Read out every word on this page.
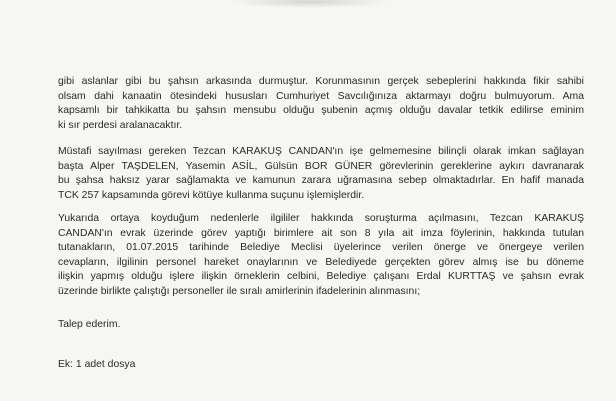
gibi aslanlar gibi bu şahsın arkasında durmuştur. Korunmasının gerçek sebeplerini hakkında fikir sahibi
olsam dahi kanaatin ötesindeki hususları Cumhuriyet Savcılığınıza aktarmayı doğru bulmuyorum. Ama
kapsamlı bir tahkikatta bu şahsın mensubu olduğu şubenin açmış olduğu davalar tetkik edilirse eminim
ki sır perdesi aralanacaktır.

Müstafi sayılması gereken Tezcan KARAKUŞ CANDAN'ın işe gelmemesine bilinçli olarak imkan sağlayan
başta Alper TAŞDELEN, Yasemin ASİL, Gülsün BOR GÜNER görevlerinin gereklerine aykırı davranarak
bu şahsa haksız yarar sağlamakta ve kamunun zarara uğramasına sebep olmaktadırlar. En hafif manada
TCK 257 kapsamında görevi kötüye kullanma suçunu işlemişlerdir.

Yukarıda ortaya koyduğum nedenlerle ilgililer hakkında soruşturma açılmasını, Tezcan KARAKUŞ
CANDAN'ın evrak üzerinde görev yaptığı birimlere ait son 8 yıla ait imza föylerinin, hakkında tutulan
tutanakların, 01.07.2015 tarihinde Belediye Meclisi üyelerince verilen önerge ve önergeye verilen
cevapların, ilgilinin personel hareket onaylarının ve Belediyede gerçekten görev almış ise bu döneme
ilişkin yapmış olduğu işlere ilişkin örneklerin celbini, Belediye çalışanı Erdal KURTTAŞ ve şahsın evrak
üzerinde birlikte çalıştığı personeller ile sıralı amirlerinin ifadelerinin alınmasını;

Talep ederim.

Ek: 1 adet dosya
